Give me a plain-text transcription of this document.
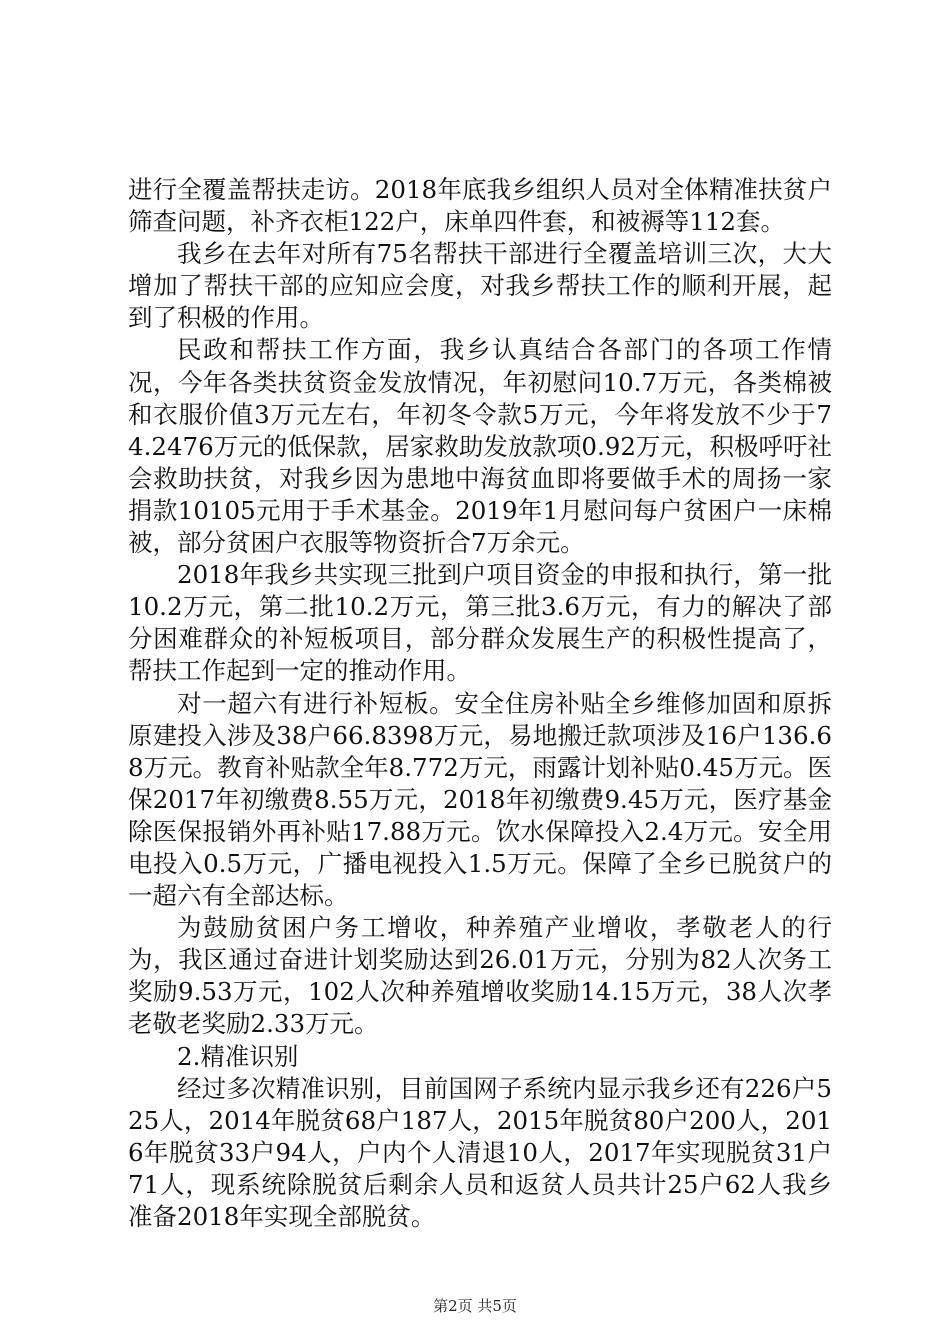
进行全覆盖帮扶走访。2018年底我乡组织人员对全体精准扶贫户筛查问题，补齐衣柜122户，床单四件套，和被褥等112套。

我乡在去年对所有75名帮扶干部进行全覆盖培训三次，大大增加了帮扶干部的应知应会度，对我乡帮扶工作的顺利开展，起到了积极的作用。

民政和帮扶工作方面，我乡认真结合各部门的各项工作情况，今年各类扶贫资金发放情况，年初慰问10.7万元，各类棉被和衣服价值3万元左右，年初冬令款5万元，今年将发放不少于74.2476万元的低保款，居家救助发放款项0.92万元，积极呼吁社会救助扶贫，对我乡因为患地中海贫血即将要做手术的周扬一家捐款10105元用于手术基金。2019年1月慰问每户贫困户一床棉被，部分贫困户衣服等物资折合7万余元。

2018年我乡共实现三批到户项目资金的申报和执行，第一批10.2万元，第二批10.2万元，第三批3.6万元，有力的解决了部分困难群众的补短板项目，部分群众发展生产的积极性提高了，帮扶工作起到一定的推动作用。

对一超六有进行补短板。安全住房补贴全乡维修加固和原拆原建投入涉及38户66.8398万元，易地搬迁款项涉及16户136.68万元。教育补贴款全年8.772万元，雨露计划补贴0.45万元。医保2017年初缴费8.55万元，2018年初缴费9.45万元，医疗基金除医保报销外再补贴17.88万元。饮水保障投入2.4万元。安全用电投入0.5万元，广播电视投入1.5万元。保障了全乡已脱贫户的一超六有全部达标。

为鼓励贫困户务工增收，种养殖产业增收，孝敬老人的行为，我区通过奋进计划奖励达到26.01万元，分别为82人次务工奖励9.53万元，102人次种养殖增收奖励14.15万元，38人次孝老敬老奖励2.33万元。

2.精准识别

经过多次精准识别，目前国网子系统内显示我乡还有226户525人，2014年脱贫68户187人，2015年脱贫80户200人，2016年脱贫33户94人，户内个人清退10人，2017年实现脱贫31户71人，现系统除脱贫后剩余人员和返贫人员共计25户62人我乡准备2018年实现全部脱贫。

第2页 共5页
